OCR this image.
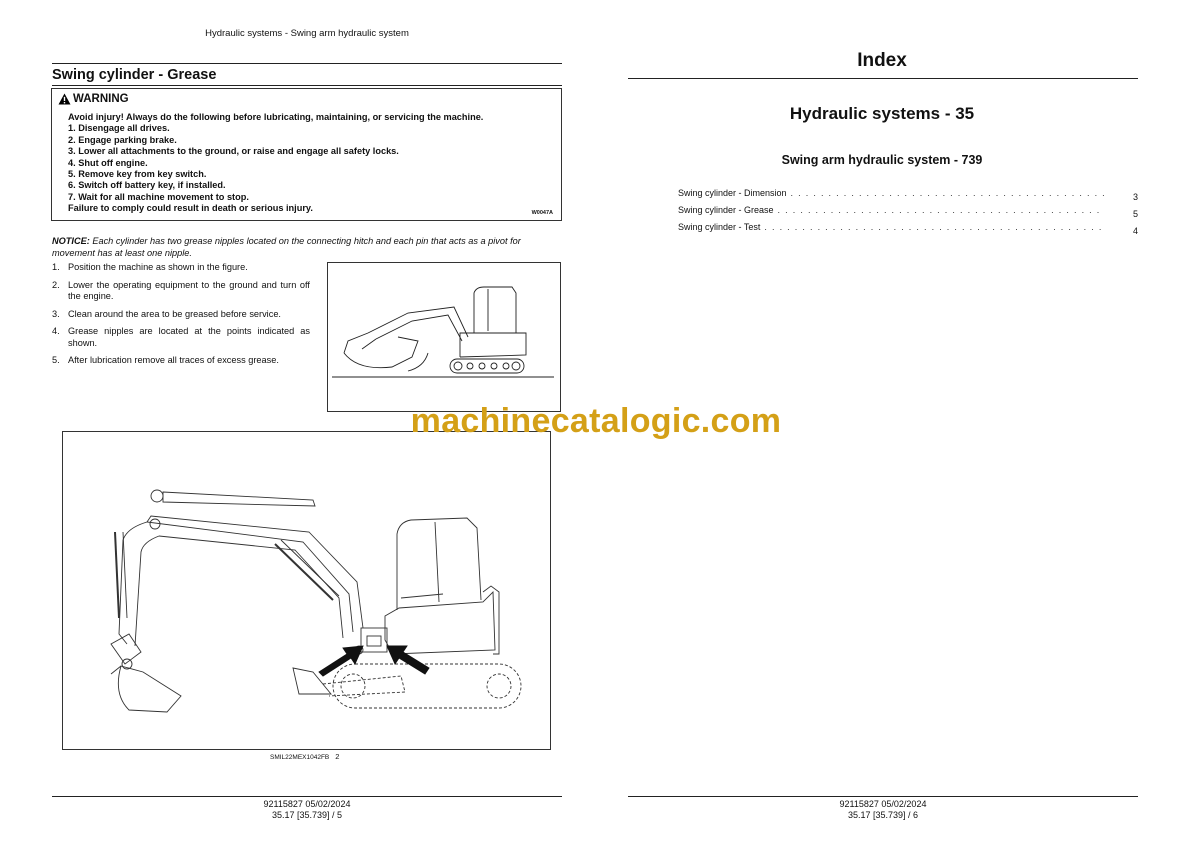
Hydraulic systems - Swing arm hydraulic system
Swing cylinder - Grease
WARNING
Avoid injury! Always do the following before lubricating, maintaining, or servicing the machine.
1. Disengage all drives.
2. Engage parking brake.
3. Lower all attachments to the ground, or raise and engage all safety locks.
4. Shut off engine.
5. Remove key from key switch.
6. Switch off battery key, if installed.
7. Wait for all machine movement to stop.
Failure to comply could result in death or serious injury.	W0047A
NOTICE: Each cylinder has two grease nipples located on the connecting hitch and each pin that acts as a pivot for movement has at least one nipple.
1. Position the machine as shown in the figure.
2. Lower the operating equipment to the ground and turn off the engine.
3. Clean around the area to be greased before service.
4. Grease nipples are located at the points indicated as shown.
5. After lubrication remove all traces of excess grease.
SMIL22MEX1042FB 2
92115827 05/02/2024
35.17 [35.739] / 5
Index
Hydraulic systems - 35
Swing arm hydraulic system - 739
Swing cylinder - Dimension . . .	3
Swing cylinder - Grease . . .	5
Swing cylinder - Test . . .	4
92115827 05/02/2024
35.17 [35.739] / 6
machinecatalogic.com
